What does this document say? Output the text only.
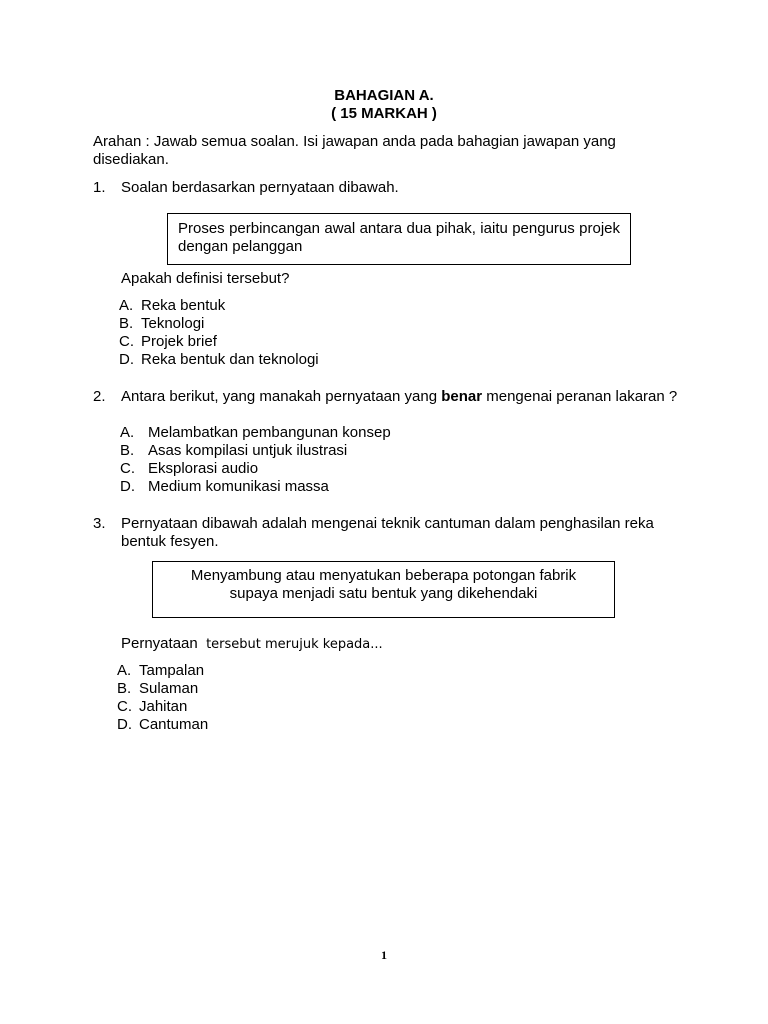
BAHAGIAN A.
( 15 MARKAH )
Arahan : Jawab semua soalan. Isi jawapan anda pada bahagian jawapan yang
disediakan.
1. Soalan berdasarkan pernyataan dibawah.
Proses perbincangan awal antara dua pihak, iaitu pengurus projek dengan pelanggan
Apakah definisi tersebut?
A. Reka bentuk
B. Teknologi
C. Projek brief
D. Reka bentuk dan teknologi
2. Antara berikut, yang manakah pernyataan yang benar mengenai peranan lakaran ?
A. Melambatkan pembangunan konsep
B. Asas kompilasi untjuk ilustrasi
C. Eksplorasi audio
D. Medium komunikasi massa
3. Pernyataan dibawah adalah mengenai teknik cantuman dalam penghasilan reka
bentuk fesyen.
Menyambung atau menyatukan beberapa potongan fabrik
supaya menjadi satu bentuk yang dikehendaki
Pernyataan tersebut merujuk kepada...
A. Tampalan
B. Sulaman
C. Jahitan
D. Cantuman
1
